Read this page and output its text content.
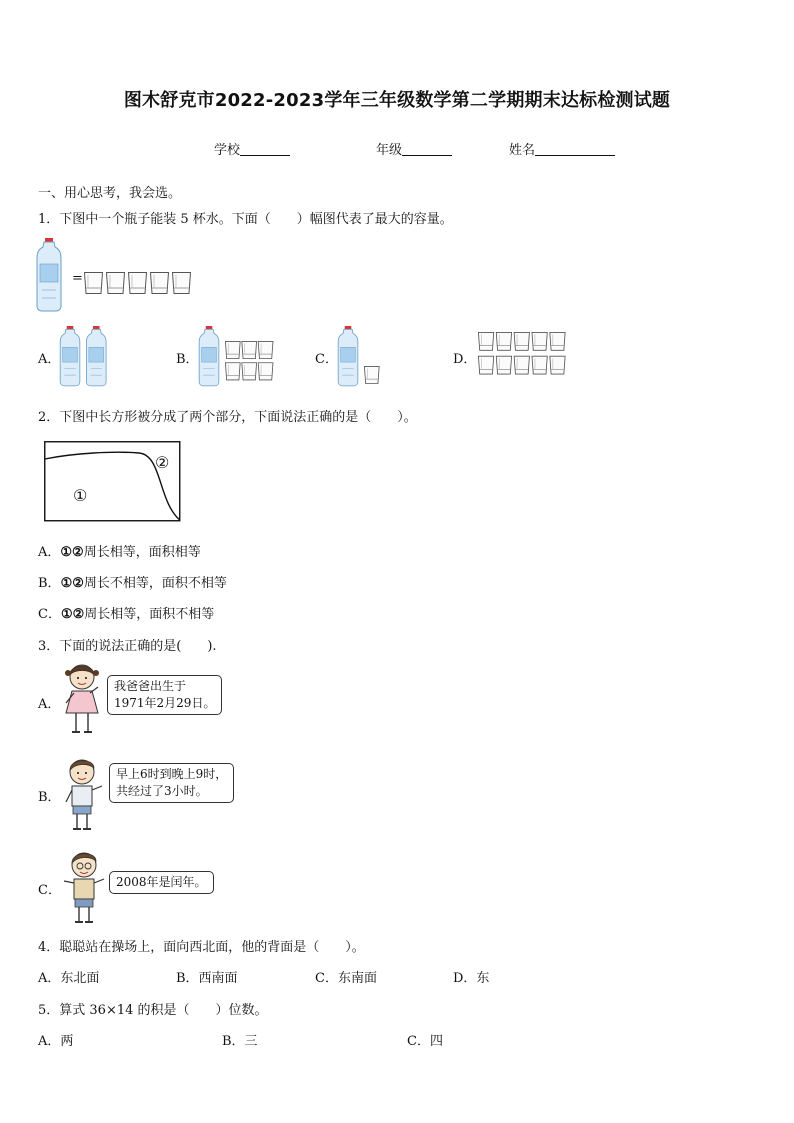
图木舒克市2022-2023学年三年级数学第二学期期末达标检测试题
学校	年级	姓名
一、用心思考，我会选。
1．下图中一个瓶子能装 5 杯水。下面（　　）幅图代表了最大的容量。
=
A．	B．	C．	D．
2．下图中长方形被分成了两个部分，下面说法正确的是（　　）。
①
②
A．①②周长相等，面积相等
B．①②周长不相等，面积不相等
C．①②周长相等，面积不相等
3．下面的说法正确的是(　　).
A．
我爸爸出生于
1971年2月29日。
B．
早上6时到晚上9时，
共经过了3小时。
C．
2008年是闰年。
4．聪聪站在操场上，面向西北面，他的背面是（　　）。
A．东北面	B．西南面	C．东南面	D．东
5．算式 36×14 的积是（　　）位数。
A．两	B．三	C．四
